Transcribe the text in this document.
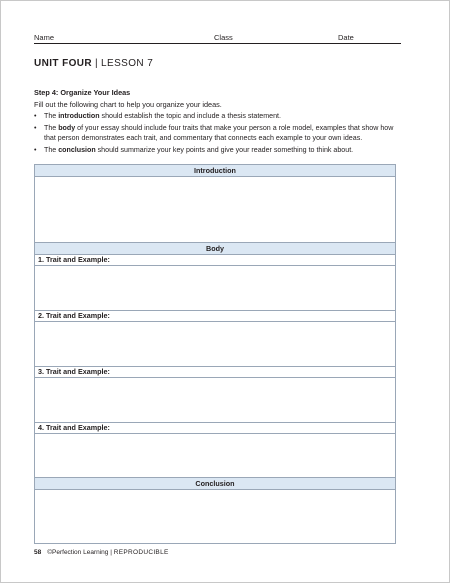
Name	Class	Date
UNIT FOUR | LESSON 7
Step 4: Organize Your Ideas
Fill out the following chart to help you organize your ideas.
• The introduction should establish the topic and include a thesis statement.
• The body of your essay should include four traits that make your person a role model, examples that show how that person demonstrates each trait, and commentary that connects each example to your own ideas.
• The conclusion should summarize your key points and give your reader something to think about.
Introduction
Body
1. Trait and Example:
2. Trait and Example:
3. Trait and Example:
4. Trait and Example:
Conclusion
58 ©Perfection Learning | REPRODUCIBLE
